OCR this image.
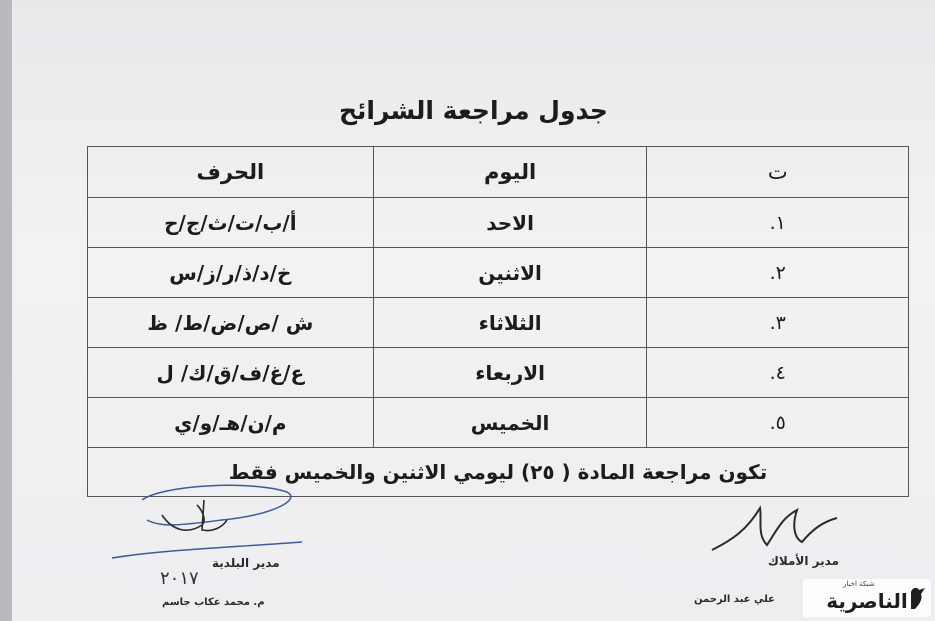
جدول مراجعة الشرائح
ت	اليوم	الحرف
١.	الاحد	أ/ب/ت/ث/ج/ح
٢.	الاثنين	خ/د/ذ/ر/ز/س
٣.	الثلاثاء	ش /ص/ض/ط/ ظ
٤.	الاربعاء	ع/غ/ف/ق/ك/ ل
٥.	الخميس	م/ن/هـ/و/ي
تكون مراجعة المادة ( ٢٥) ليومي الاثنين والخميس فقط		
مدير الأملاك
علي عبد الرحمن
مدير البلدية
٢٠١٧
م. محمد عكاب جاسم
شبكة اخبار
الناصرية
